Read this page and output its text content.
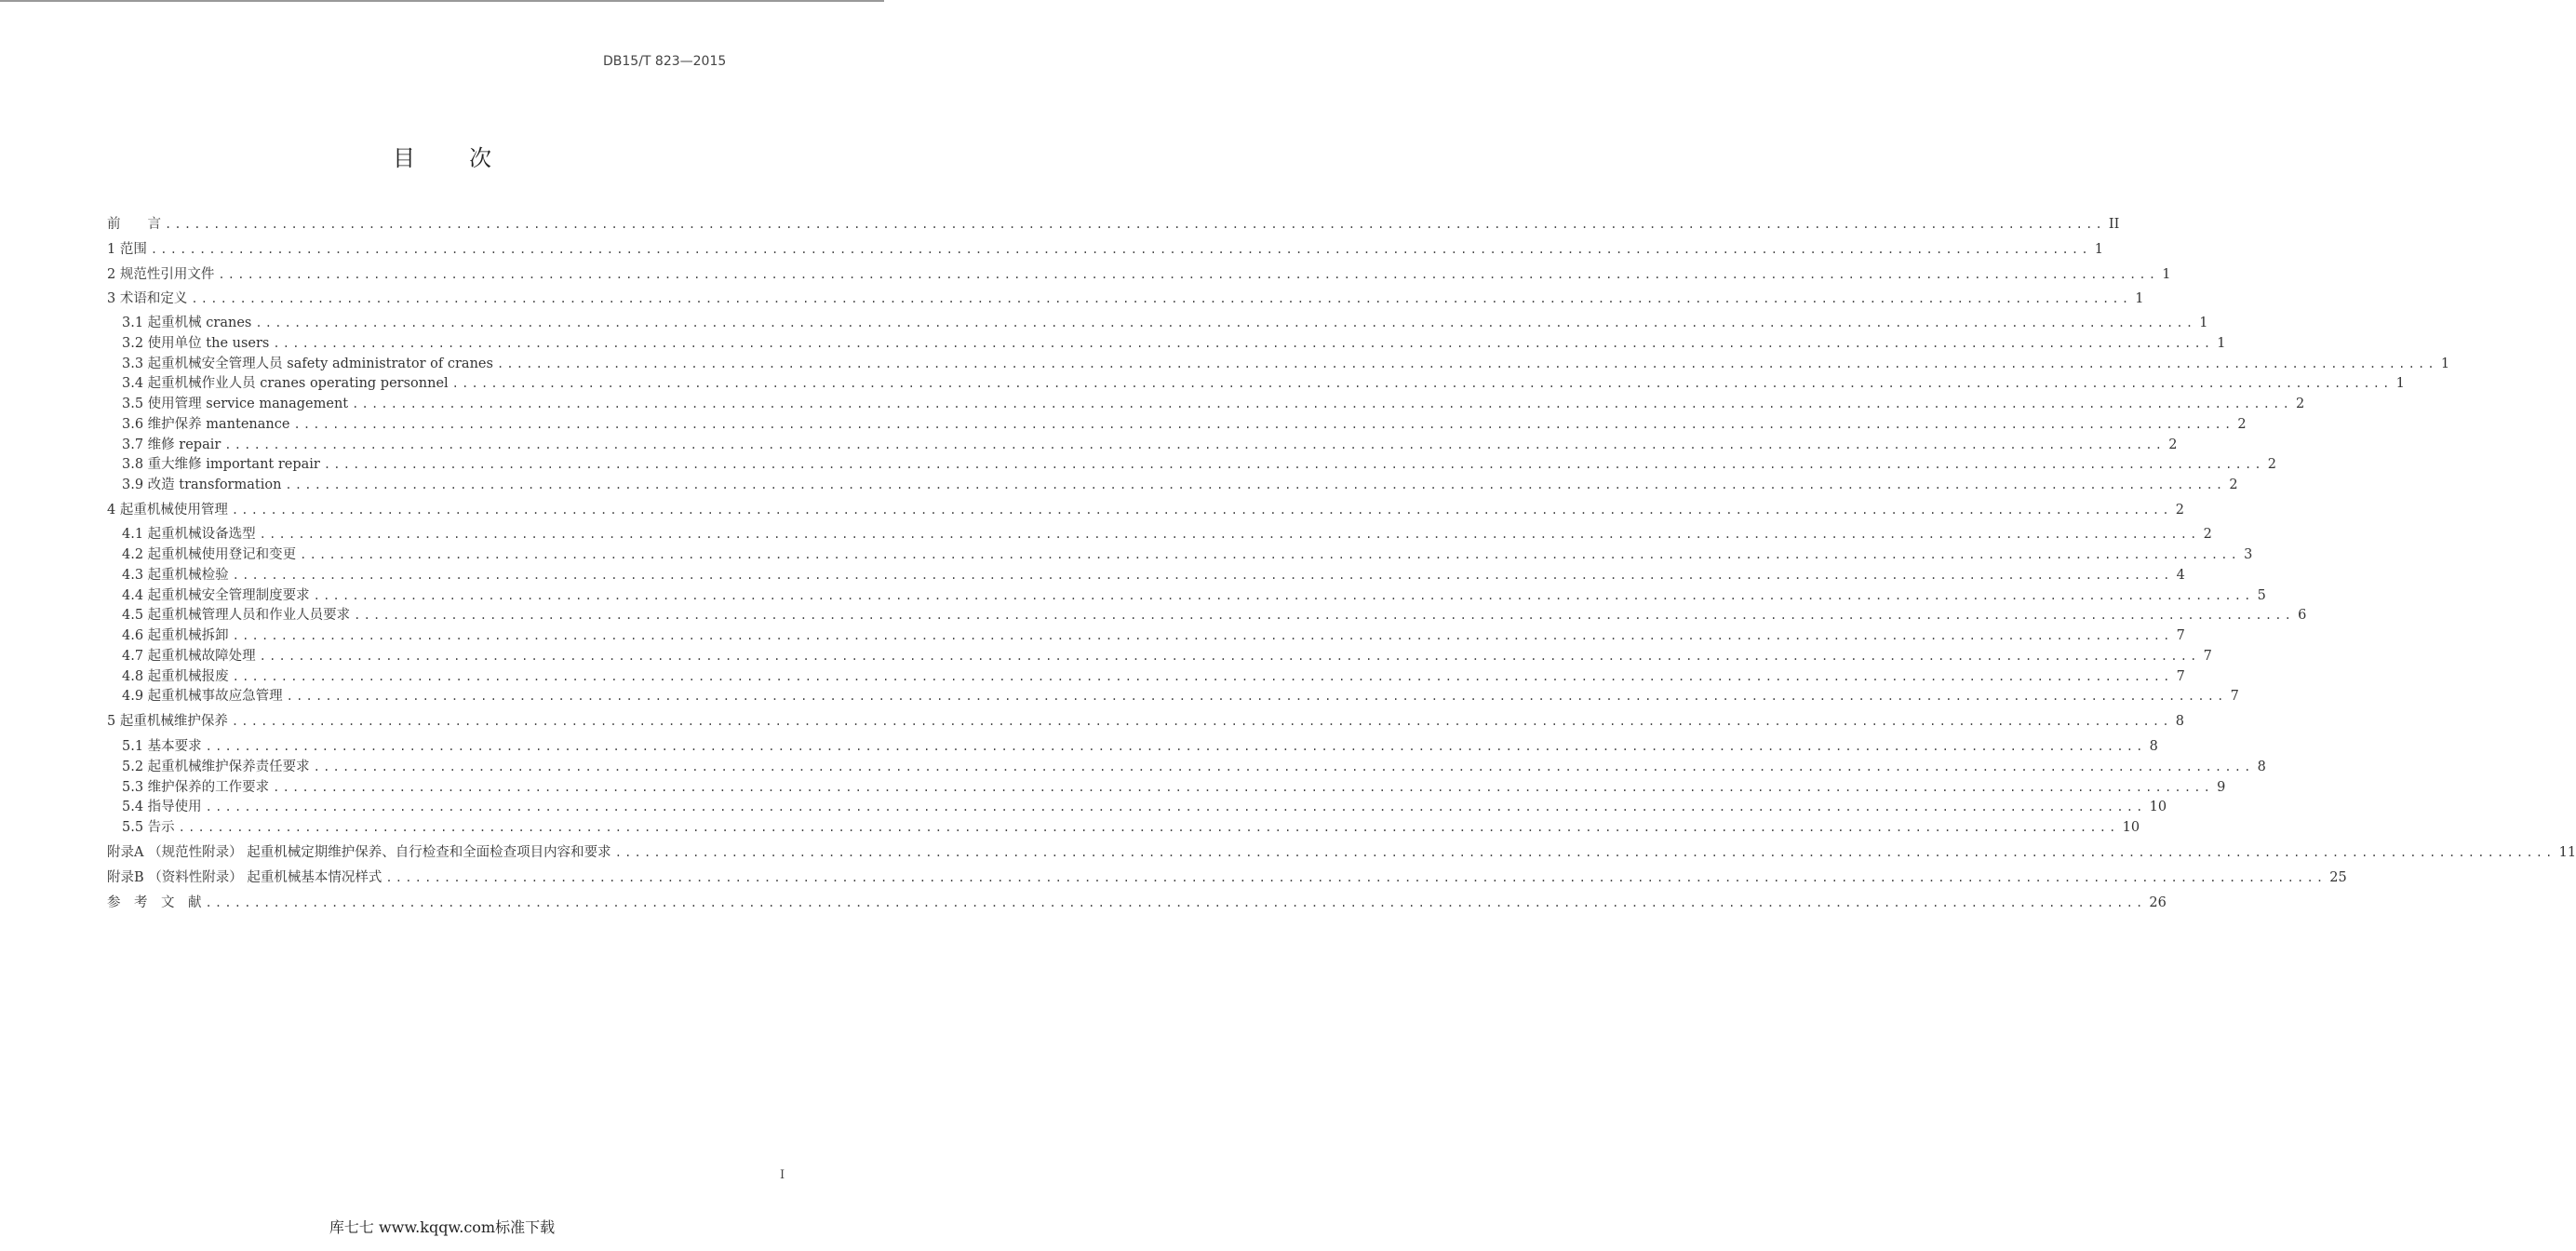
DB15/T 823—2015
目次
前　　言 ........................................................................................................................................................................................................ II
1 范围 ........................................................................................................................................................................................................ 1
2 规范性引用文件 ........................................................................................................................................................................................................ 1
3 术语和定义 ........................................................................................................................................................................................................ 1
3.1 起重机械 cranes ........................................................................................................................................................................................................ 1
3.2 使用单位 the users ........................................................................................................................................................................................................ 1
3.3 起重机械安全管理人员 safety administrator of cranes ........................................................................................................................................................................................................ 1
3.4 起重机械作业人员 cranes operating personnel ........................................................................................................................................................................................................ 1
3.5 使用管理 service management ........................................................................................................................................................................................................ 2
3.6 维护保养 mantenance ........................................................................................................................................................................................................ 2
3.7 维修 repair ........................................................................................................................................................................................................ 2
3.8 重大维修 important repair ........................................................................................................................................................................................................ 2
3.9 改造 transformation ........................................................................................................................................................................................................ 2
4 起重机械使用管理 ........................................................................................................................................................................................................ 2
4.1 起重机械设备选型 ........................................................................................................................................................................................................ 2
4.2 起重机械使用登记和变更 ........................................................................................................................................................................................................ 3
4.3 起重机械检验 ........................................................................................................................................................................................................ 4
4.4 起重机械安全管理制度要求 ........................................................................................................................................................................................................ 5
4.5 起重机械管理人员和作业人员要求 ........................................................................................................................................................................................................ 6
4.6 起重机械拆卸 ........................................................................................................................................................................................................ 7
4.7 起重机械故障处理 ........................................................................................................................................................................................................ 7
4.8 起重机械报废 ........................................................................................................................................................................................................ 7
4.9 起重机械事故应急管理 ........................................................................................................................................................................................................ 7
5 起重机械维护保养 ........................................................................................................................................................................................................ 8
5.1 基本要求 ........................................................................................................................................................................................................ 8
5.2 起重机械维护保养责任要求 ........................................................................................................................................................................................................ 8
5.3 维护保养的工作要求 ........................................................................................................................................................................................................ 9
5.4 指导使用 ........................................................................................................................................................................................................ 10
5.5 告示 ........................................................................................................................................................................................................ 10
附录A （规范性附录） 起重机械定期维护保养、自行检查和全面检查项目内容和要求 ........................................................................................................................................................................................................ 11
附录B （资料性附录） 起重机械基本情况样式 ........................................................................................................................................................................................................ 25
参　考　文　献 ........................................................................................................................................................................................................ 26
I
库七七 www.kqqw.com标准下载
